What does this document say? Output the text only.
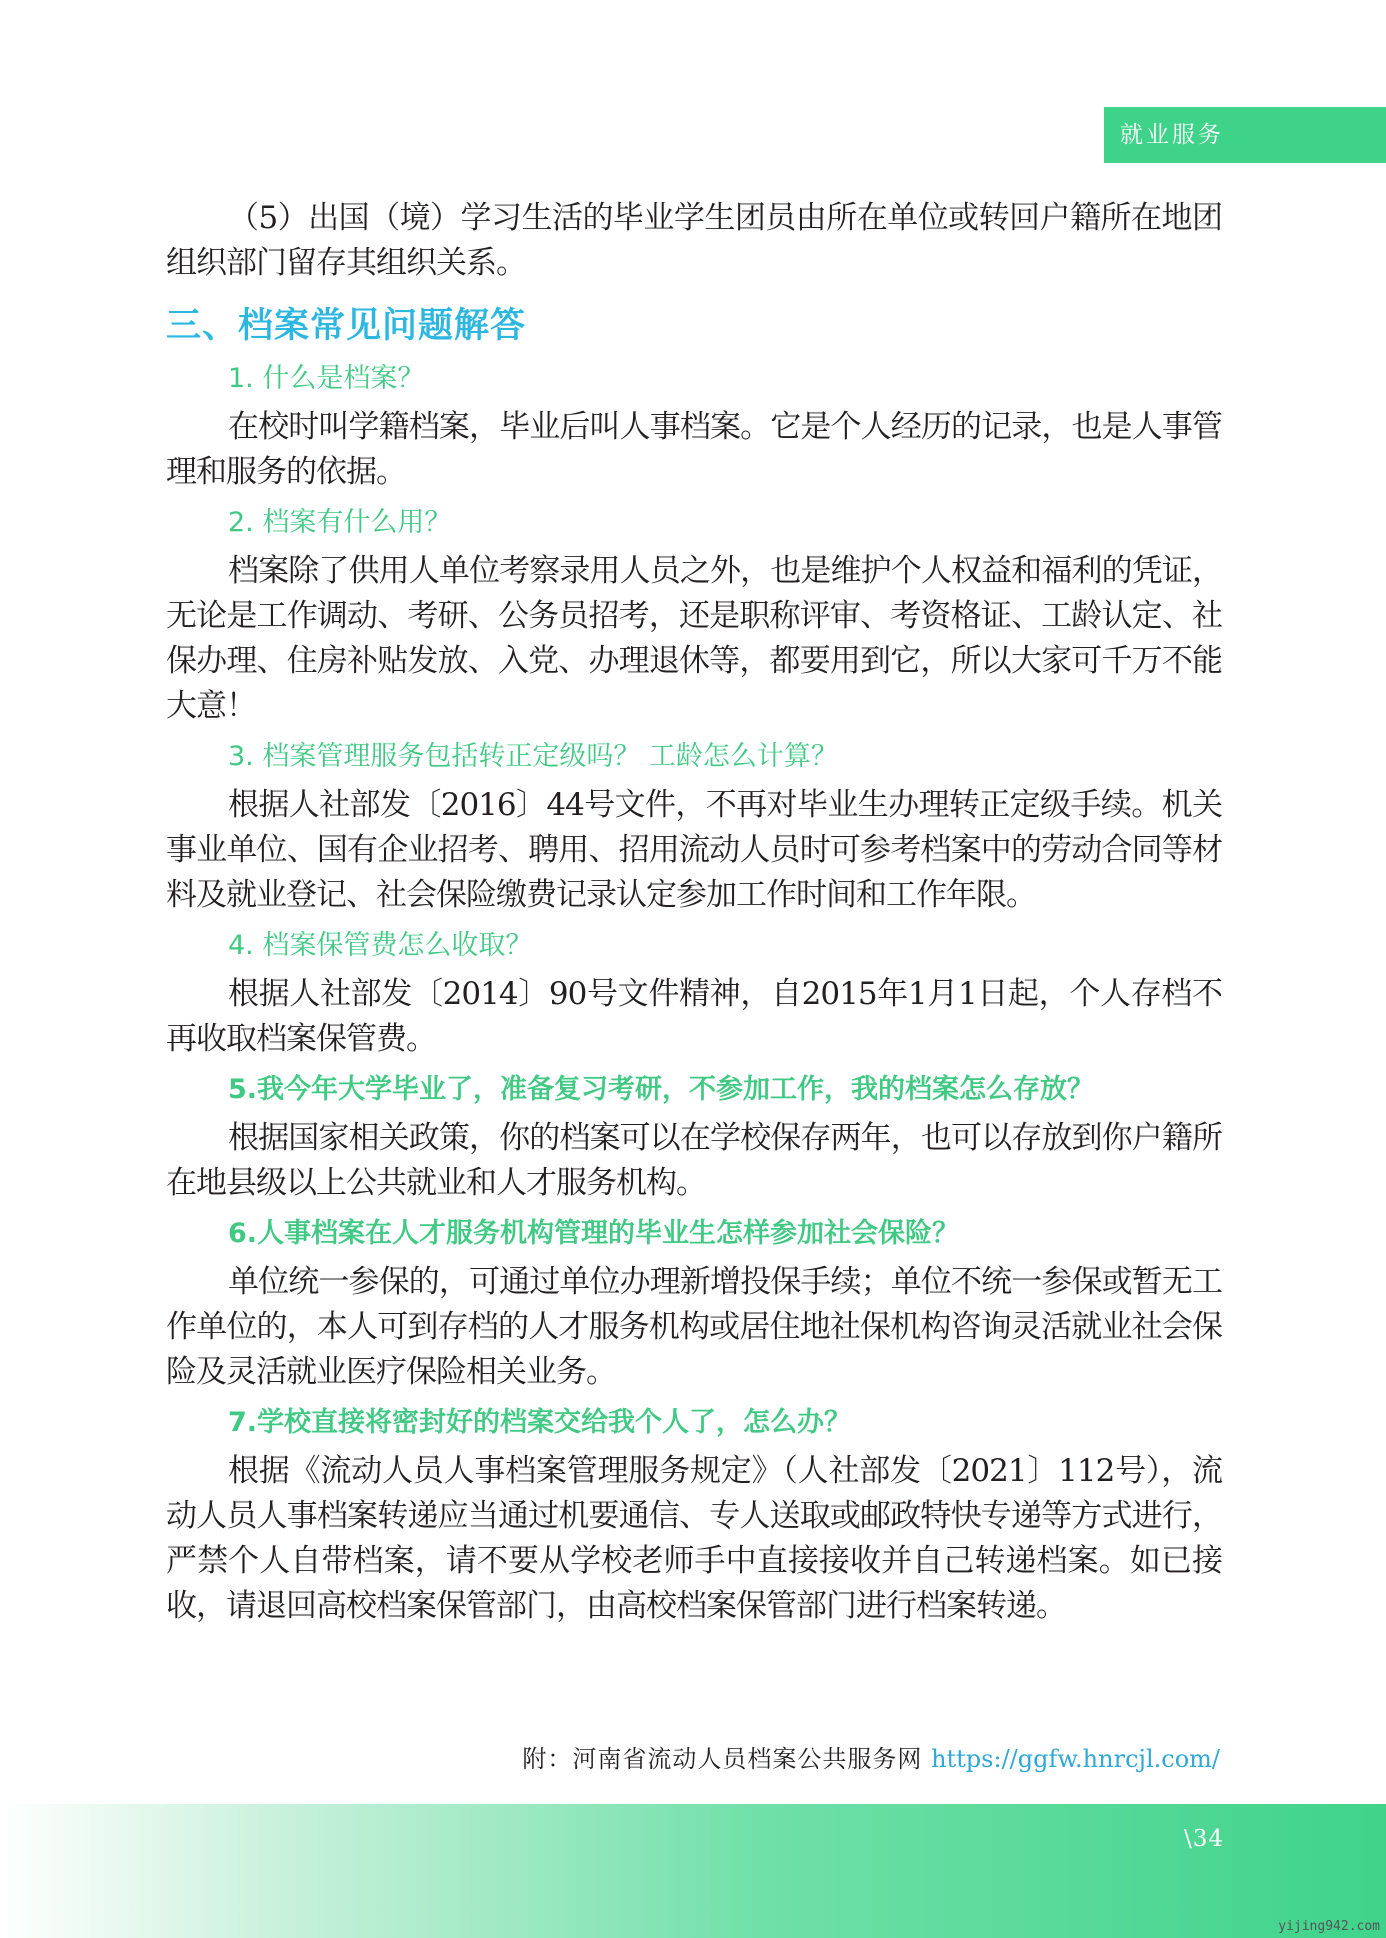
就业服务

（5）出国（境）学习生活的毕业学生团员由所在单位或转回户籍所在地团组织部门留存其组织关系。

三、档案常见问题解答
1. 什么是档案？

在校时叫学籍档案，毕业后叫人事档案。它是个人经历的记录，也是人事管理和服务的依据。

2. 档案有什么用？

档案除了供用人单位考察录用人员之外，也是维护个人权益和福利的凭证，无论是工作调动、考研、公务员招考，还是职称评审、考资格证、工龄认定、社保办理、住房补贴发放、入党、办理退休等，都要用到它，所以大家可千万不能大意！

3. 档案管理服务包括转正定级吗？ 工龄怎么计算？

根据人社部发〔2016〕44号文件，不再对毕业生办理转正定级手续。机关事业单位、国有企业招考、聘用、招用流动人员时可参考档案中的劳动合同等材料及就业登记、社会保险缴费记录认定参加工作时间和工作年限。

4. 档案保管费怎么收取？

根据人社部发〔2014〕90号文件精神，自2015年1月1日起，个人存档不再收取档案保管费。

5.我今年大学毕业了，准备复习考研，不参加工作，我的档案怎么存放？

根据国家相关政策，你的档案可以在学校保存两年，也可以存放到你户籍所在地县级以上公共就业和人才服务机构。

6.人事档案在人才服务机构管理的毕业生怎样参加社会保险？

单位统一参保的，可通过单位办理新增投保手续；单位不统一参保或暂无工作单位的，本人可到存档的人才服务机构或居住地社保机构咨询灵活就业社会保险及灵活就业医疗保险相关业务。

7.学校直接将密封好的档案交给我个人了，怎么办？

根据《流动人员人事档案管理服务规定》（人社部发〔2021〕112号），流动人员人事档案转递应当通过机要通信、专人送取或邮政特快专递等方式进行，严禁个人自带档案，请不要从学校老师手中直接接收并自己转递档案。如已接收，请退回高校档案保管部门，由高校档案保管部门进行档案转递。

附：河南省流动人员档案公共服务网 https://ggfw.hnrcjl.com/
\34
yijing942.com
